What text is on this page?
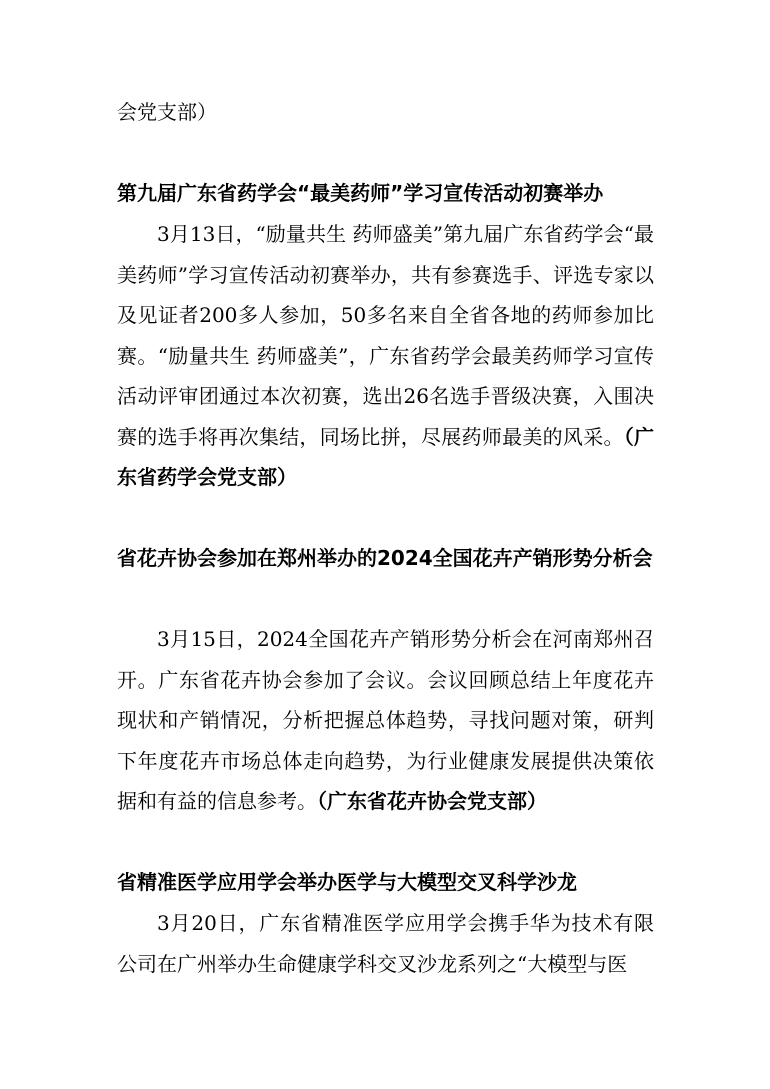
会党支部）
第九届广东省药学会“最美药师”学习宣传活动初赛举办
3月13日，“励量共生 药师盛美”第九届广东省药学会“最美药师”学习宣传活动初赛举办，共有参赛选手、评选专家以及见证者200多人参加，50多名来自全省各地的药师参加比赛。“励量共生 药师盛美”，广东省药学会最美药师学习宣传活动评审团通过本次初赛，选出26名选手晋级决赛，入围决赛的选手将再次集结，同场比拼，尽展药师最美的风采。（广东省药学会党支部）
省花卉协会参加在郑州举办的2024全国花卉产销形势分析会
3月15日，2024全国花卉产销形势分析会在河南郑州召开。广东省花卉协会参加了会议。会议回顾总结上年度花卉现状和产销情况，分析把握总体趋势，寻找问题对策，研判下年度花卉市场总体走向趋势，为行业健康发展提供决策依据和有益的信息参考。（广东省花卉协会党支部）
省精准医学应用学会举办医学与大模型交叉科学沙龙
3月20日，广东省精准医学应用学会携手华为技术有限公司在广州举办生命健康学科交叉沙龙系列之“大模型与医
